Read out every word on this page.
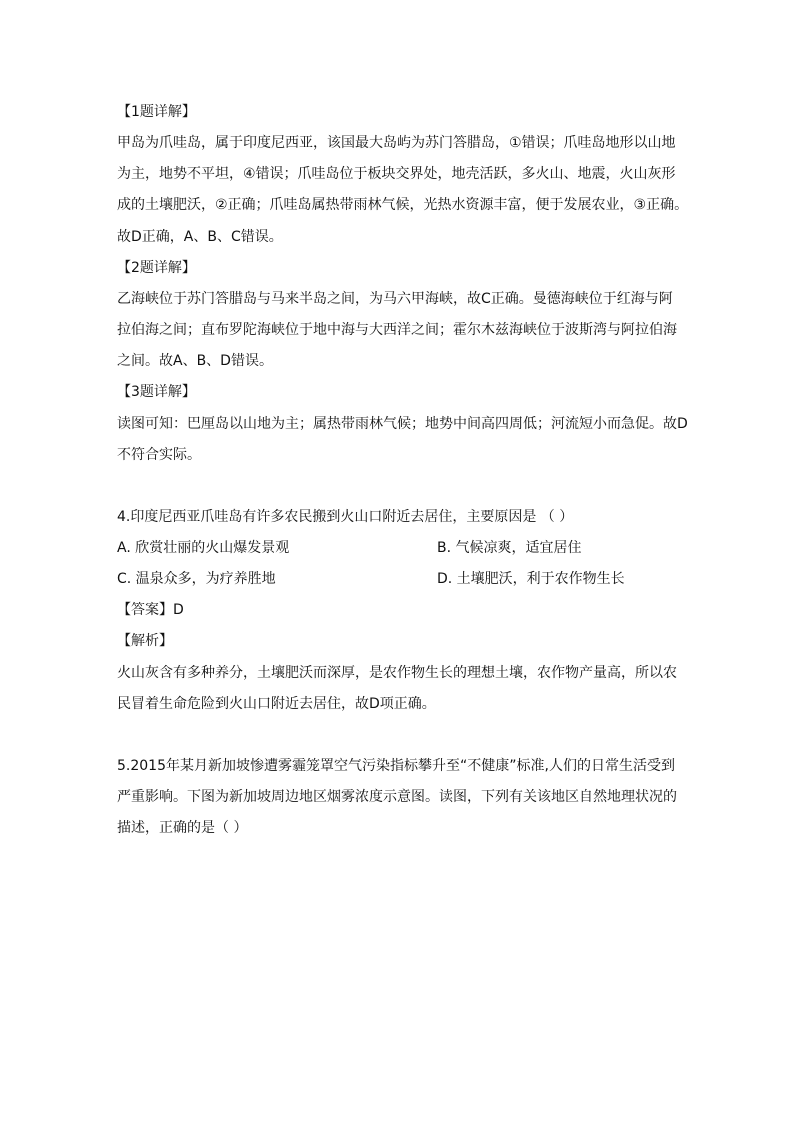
【1题详解】
甲岛为爪哇岛，属于印度尼西亚，该国最大岛屿为苏门答腊岛，①错误；爪哇岛地形以山地
为主，地势不平坦，④错误；爪哇岛位于板块交界处，地壳活跃，多火山、地震，火山灰形
成的土壤肥沃，②正确；爪哇岛属热带雨林气候，光热水资源丰富，便于发展农业，③正确。
故D正确，A、B、C错误。
【2题详解】
乙海峡位于苏门答腊岛与马来半岛之间，为马六甲海峡，故C正确。曼德海峡位于红海与阿
拉伯海之间；直布罗陀海峡位于地中海与大西洋之间；霍尔木兹海峡位于波斯湾与阿拉伯海
之间。故A、B、D错误。
【3题详解】
读图可知：巴厘岛以山地为主；属热带雨林气候；地势中间高四周低；河流短小而急促。故D
不符合实际。
4.印度尼西亚爪哇岛有许多农民搬到火山口附近去居住，主要原因是 （ ）
A. 欣赏壮丽的火山爆发景观	B. 气候凉爽，适宜居住
C. 温泉众多，为疗养胜地	D. 土壤肥沃，利于农作物生长
【答案】D
【解析】
火山灰含有多种养分，土壤肥沃而深厚，是农作物生长的理想土壤，农作物产量高，所以农
民冒着生命危险到火山口附近去居住，故D项正确。
5.2015年某月新加坡惨遭雾霾笼罩空气污染指标攀升至“不健康”标准,人们的日常生活受到
严重影响。下图为新加坡周边地区烟雾浓度示意图。读图，下列有关该地区自然地理状况的
描述，正确的是（ ）
